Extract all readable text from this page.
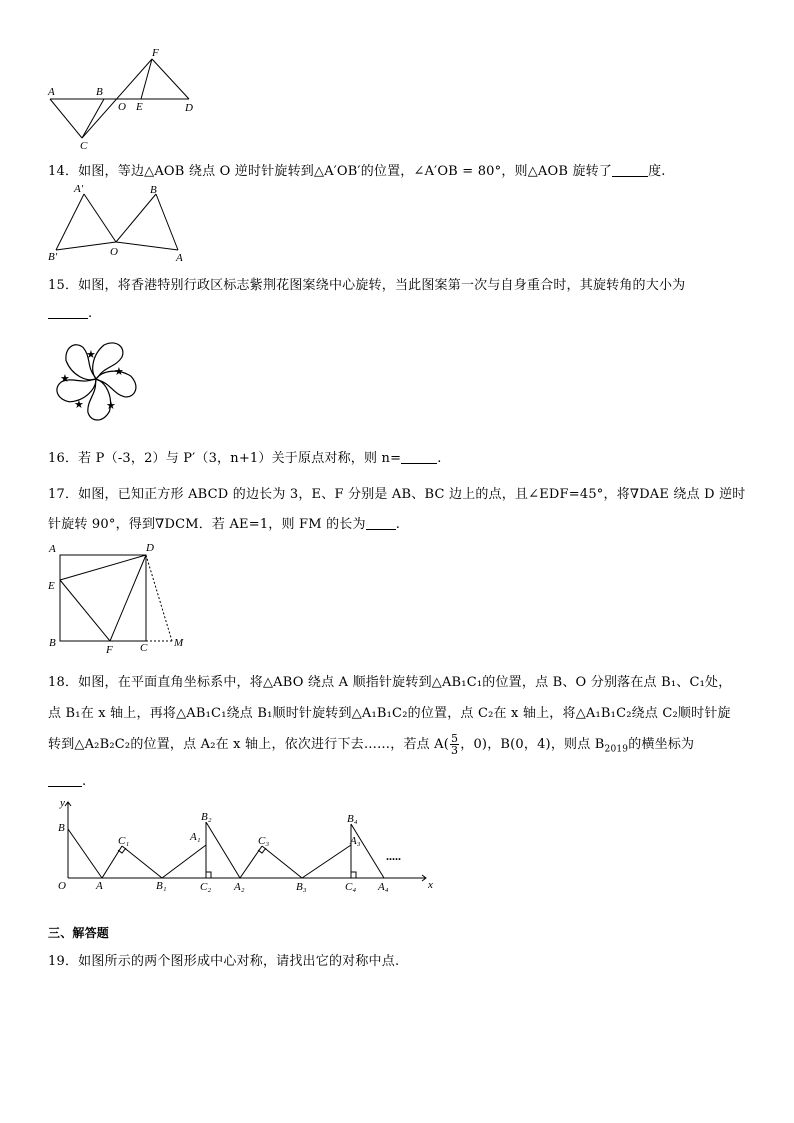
A	B
O E	D
F
C
14．如图，等边△AOB 绕点 O 逆时针旋转到△A′OB′的位置，∠A′OB = 80°，则△AOB 旋转了	度.
A′	B
O
B′	A
15．如图，将香港特别行政区标志紫荆花图案绕中心旋转，当此图案第一次与自身重合时，其旋转角的大小为
.
★
★
★
★
★
16．若 P（-3，2）与 P′（3，n+1）关于原点对称，则 n=	.
17．如图，已知正方形 ABCD 的边长为 3，E、F 分别是 AB、BC 边上的点，且∠EDF=45°，将∇DAE 绕点 D 逆时
针旋转 90°，得到∇DCM．若 AE=1，则 FM 的长为 .
A	D
E
B
F C M
18．如图，在平面直角坐标系中，将△ABO 绕点 A 顺指针旋转到△AB₁C₁的位置，点 B、O 分别落在点 B₁、C₁处，
点 B₁在 x 轴上，再将△AB₁C₁绕点 B₁顺时针旋转到△A₁B₁C₂的位置，点 C₂在 x 轴上，将△A₁B₁C₂绕点 C₂顺时针旋
转到△A₂B₂C₂的位置，点 A₂在 x 轴上，依次进行下去……，若点 $A( \frac{5}{3}$ ，0)，B(0，4)，则点 $B_{2019}$的横坐标为
.
y
B
O	A
C₁
B₁
B₂
A₁
C₂ A₂
C₃
B₃
B₄
A₃
C₄ A₄	x
.....
三、解答题
19．如图所示的两个图形成中心对称，请找出它的对称中点.
